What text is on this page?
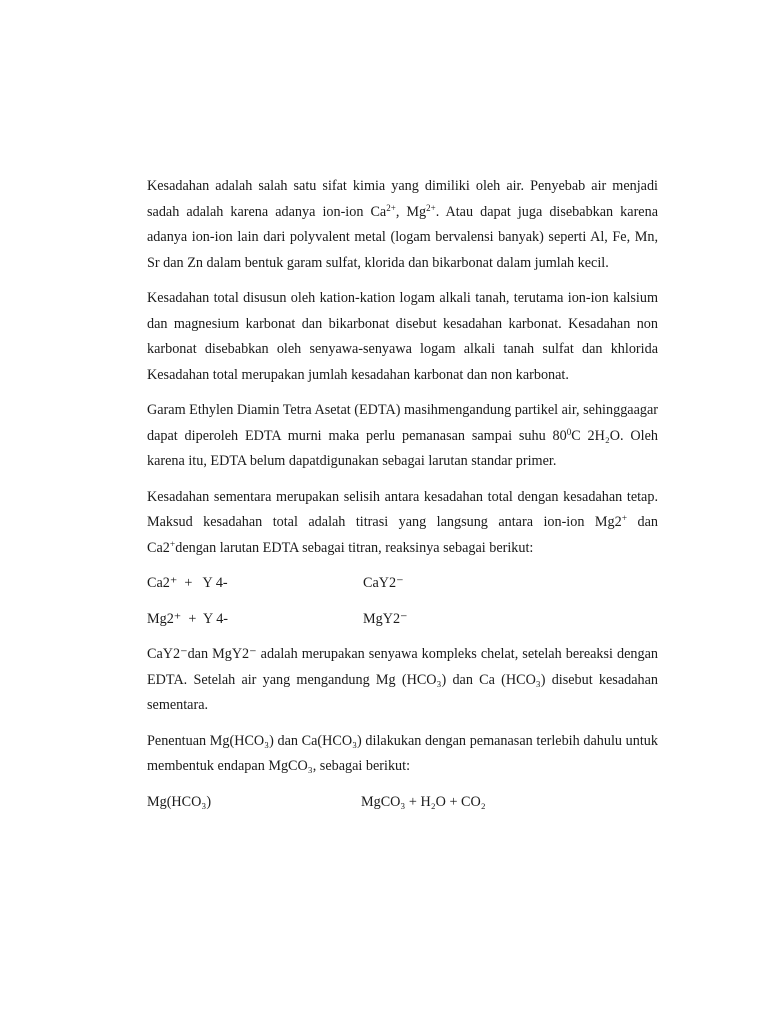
Kesadahan adalah salah satu sifat kimia yang dimiliki oleh air. Penyebab air menjadi sadah adalah karena adanya ion-ion $Ca^{2+}$, $Mg^{2+}$. Atau dapat juga disebabkan karena adanya ion-ion lain dari polyvalent metal (logam bervalensi banyak) seperti Al, Fe, Mn, Sr dan Zn dalam bentuk garam sulfat, klorida dan bikarbonat dalam jumlah kecil.

Kesadahan total disusun oleh kation-kation logam alkali tanah, terutama ion-ion kalsium dan magnesium karbonat dan bikarbonat disebut kesadahan karbonat. Kesadahan non karbonat disebabkan oleh senyawa-senyawa logam alkali tanah sulfat dan khlorida Kesadahan total merupakan jumlah kesadahan karbonat dan non karbonat.

Garam Ethylen Diamin Tetra Asetat (EDTA) masihmengandung partikel air, sehinggaagar dapat diperoleh EDTA murni maka perlu pemanasan sampai suhu $80^0C$ 2H₂O. Oleh karena itu, EDTA belum dapatdigunakan sebagai larutan standar primer.

Kesadahan sementara merupakan selisih antara kesadahan total dengan kesadahan tetap. Maksud kesadahan total adalah titrasi yang langsung antara ion-ion Mg2+ dan Ca2+dengan larutan EDTA sebagai titran, reaksinya sebagai berikut:

Ca2⁺  +   Y 4-	CaY2⁻
Mg2⁺  +  Y 4-	MgY2⁻

CaY2⁻dan MgY2⁻ adalah merupakan senyawa kompleks chelat, setelah bereaksi dengan EDTA. Setelah air yang mengandung Mg (HCO₃) dan Ca (HCO₃) disebut kesadahan sementara.

Penentuan Mg(HCO₃) dan Ca(HCO₃) dilakukan dengan pemanasan terlebih dahulu untuk membentuk endapan MgCO₃, sebagai berikut:

Mg(HCO₃)	MgCO₃ + H₂O + CO₂
